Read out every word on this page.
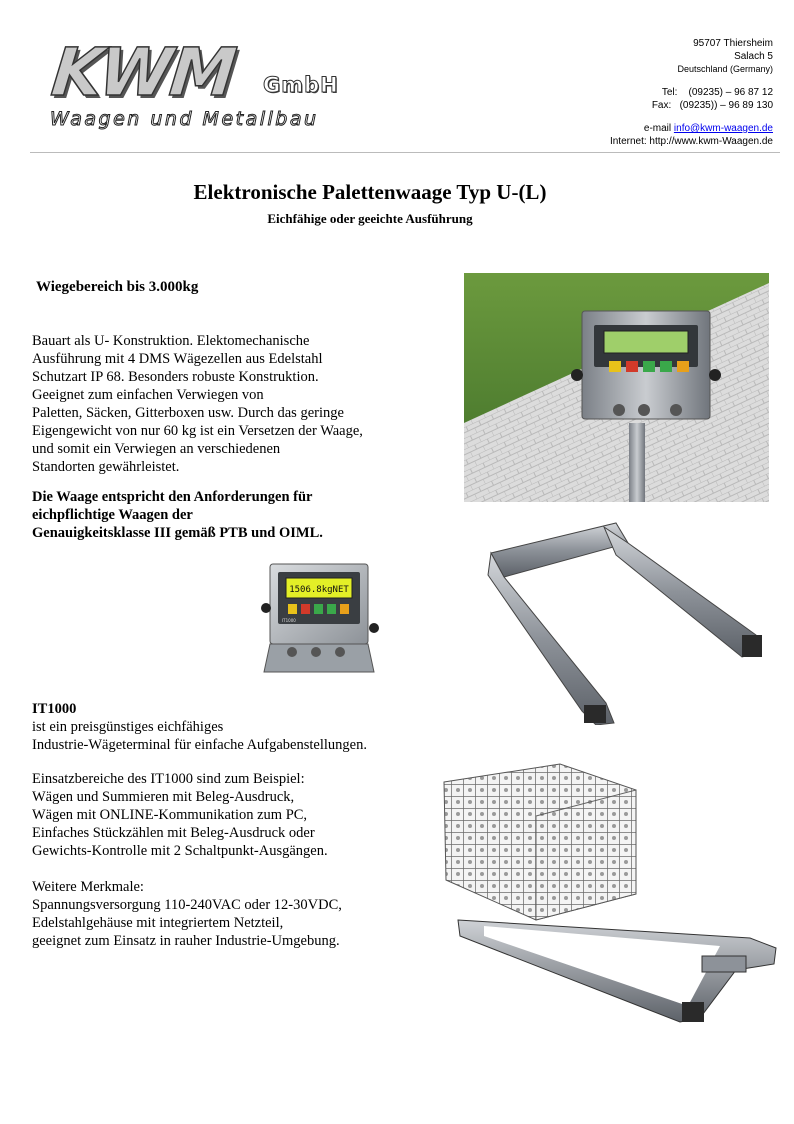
KWM GmbH
Waagen und Metallbau
95707 Thiersheim
Salach 5
Deutschland (Germany)
Tel:    (09235) – 96 87 12
Fax:   (09235)) – 96 89 130
e-mail info@kwm-waagen.de
Internet: http://www.kwm-Waagen.de
Elektronische Palettenwaage Typ U-(L)
Eichfähige oder geeichte Ausführung
Wiegebereich bis 3.000kg
Bauart als U- Konstruktion. Elektomechanische
Ausführung mit 4 DMS Wägezellen aus Edelstahl
Schutzart IP 68. Besonders robuste Konstruktion.
Geeignet zum einfachen Verwiegen von
Paletten, Säcken, Gitterboxen usw. Durch das geringe
Eigengewicht von nur 60 kg ist ein Versetzen der Waage,
und somit ein Verwiegen an verschiedenen
Standorten gewährleistet.
Die Waage entspricht den Anforderungen für
eichpflichtige Waagen der
Genauigkeitsklasse III gemäß PTB und OIML.
IT1000
ist ein preisgünstiges eichfähiges
Industrie-Wägeterminal für einfache Aufgabenstellungen.
Einsatzbereiche des IT1000 sind zum Beispiel:
Wägen und Summieren mit Beleg-Ausdruck,
Wägen mit ONLINE-Kommunikation zum PC,
Einfaches Stückzählen mit Beleg-Ausdruck oder
Gewichts-Kontrolle mit 2 Schaltpunkt-Ausgängen.
Weitere Merkmale:
Spannungsversorgung 110-240VAC oder 12-30VDC,
Edelstahlgehäuse mit integriertem Netzteil,
geeignet zum Einsatz in rauher Industrie-Umgebung.
1506.8kgNET
IT1000
